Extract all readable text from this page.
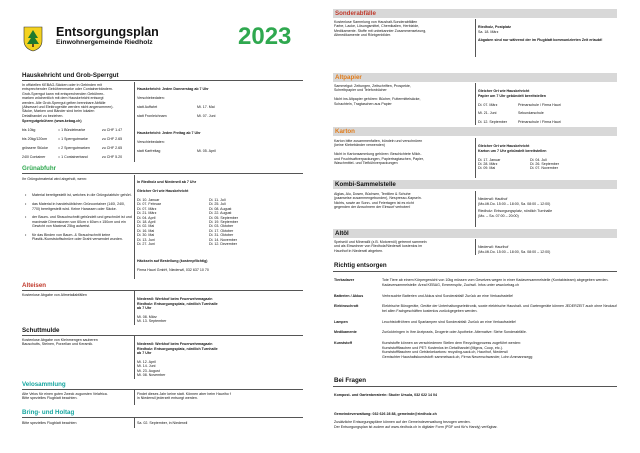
Entsorgungsplan
Einwohnergemeinde Riedholz	2023
Hauskehricht und Grob-Sperrgut
In offiziellen KEBAG-Säcken oder in Gebinden mit
entsprechender Gebührenmarke oder Containerbändern.
Grob-Sperrgut kann mit entsprechenden Gebühren-
marken wöchentlich mit dem Hauskehricht entsorgt
werden. Alle Grob-Sperrgut gelten brennbare Abfälle
(Altsessel und Elektrogeräte werden nicht angenommen).
Säcke, Marken und Bänder sind beim lokalen
Detailhandel zu beziehen.
Sperrgutgebühren (www.kebag.ch)

bis 10kg	= 1 Bündelmarke	zu CHF 1.47

bis 20kg/120cm	= 1 Sperrgutmarke	zu CHF 2.65

grössere Stücke	= 2 Sperrgutmarken	zu CHF 2.65

240l Container	= 1 Containerband	zu CHF 5.20

Hauskehricht: Jeden Donnerstag ab 7 Uhr

Verschiebedaten:

statt Auffahrt	Mi. 17. Mai

statt Fronleichnam	Mi. 07. Juni

Hauskehricht: Jeden Freitag ab 7 Uhr

Verschiebedaten:

statt Karfreitag	Mi. 05. April

Grünabfuhr
Ihr Grüngutmaterial wird abgeholt, wenn:

• Material bereitgestellt ist, welches in die Grüngutabfuhr gehört.

• das Material in handelsüblichen Grüncontainer (140l, 240l, 770l) bereitgestellt wird. Keine Harassen oder Säcke.

• der Baum- und Strauchschnitt gebündelt und geschnürt ist und maximale Dimensionen von 60cm x 60cm x 150cm und ein Gewicht von Maximal 25kg aufweist.

• für das Binden von Baum- & Strauchschnitt keine Plastik-/Kunststoffschnüre oder Draht verwendet wurden.

In Riedholz und Niederwil ab 7 Uhr

Gleicher Ort wie Hauskehricht

Di. 10. Januar	Di. 11. Juli
Di. 07. Februar	Di. 25. Juli
Di. 07. März	Di. 08. August
Di. 21. März	Di. 22. August
Di. 04. April	Di. 05. September
Di. 18. April	Di. 19. September
Di. 02. Mai	Di. 03. Oktober
Di. 16. Mai	Di. 17. Oktober
Di. 30. Mai	Di. 31. Oktober
Di. 13. Juni	Di. 14. November
Di. 27. Juni	Di. 12. Dezember

Häckseln auf Bestellung (kostenpflichtig)

Firma Hauri GmbH, Niederwil, 032 637 10 70

Alteisen
Kostenlose Abgabe von Altmetallabfällen

Niederwil: Werkhof beim Feuerwehrmagazin
Riedholz: Entsorgungsplatz, nördlich Turnhalle
ab 7 Uhr

Mi. 08. März
Mi. 13. September

Schuttmulde
Kostenlose Abgabe von Kleinmengen sauberen
Bauschutts, Steinen, Porzellan und Keramik.	Niederwil: Werkhof beim Feuerwehrmagazin
Riedholz: Entsorgungsplatz, nördlich Turnhalle
ab 7 Uhr

Mi. 12. April
Mi. 14. Juni
Mi. 23. August
Mi. 08. November

Velosammlung
Alte Velos für einen guten Zweck zugunsten Velafrica.
Bitte spezielles Flugblatt beachten.
Findet dieses Jahr keine statt. Können aber beim Hauriho f
in Niederwil jederzeit entsorgt werden.
Bring- und Holtag
Bitte spezielles Flugblatt beachten	Sa. 02. September, in Niederwil
Sonderabfälle
Kostenlose Sammlung von Haushalt-Sonderabfällen
Farbe, Lacke, Lösungsmittel, Chemikalien, Herbizide,
Medikamente. Stoffe mit unbekannter Zusammensetzung,
Altmedikamente und Röntgenbilder.

Riedholz, Postplatz
Sa. 18. März
Abgaben sind nur während der im Flugblatt kommunizierten Zeit erlaubt!

Altpapier
Sammelgut: Zeitungen, Zeitschriften, Prospekte,
Schreibpapier und Telefonbücher

Nicht ins Altpapier gehören: Bücher, Futtermittelsäcke,
Schachteln, Tragtaschen aus Papier

Gleicher Ort wie Hauskehricht
Papier um 7 Uhr gebündelt bereitstellen

Di. 07. März	Primarschule / Firma Hauri

Mi. 21. Juni	Sekundarschule

Di. 12. September	Primarschule / Firma Hauri

Karton
Karton bitte zusammenfalten, bündeln und verschnüren
(keine Klebebänder verwenden)

Nicht in Kartonsammlung gehören: Beschichtete Milch-
und Fruchtsaftverpackungen, Papiertragtaschen, Papier,
Waschmittel- und Tiefkühlverpackungen

Gleicher Ort wie Hauskehricht
Karton um 7 Uhr gebündelt bereitstellen

Di. 17. Januar	Di. 04. Juli
Di. 28. März	Di. 26. September
Di. 09. Mai	Di. 07. November

Kombi-Sammelstelle
Alglas, Alu, Dosen, Büchsen, Textilien & Schuhe
(paarweise zusammengebunden), Nespresso-Kapseln.
Nichts, sowie an Sonn- und Feiertagen ist es nicht
gegenden der Anwohnern der Einwurf verboten!

Niederwil: Hauthof
(Mo-Mi.Do. 15:00 – 18:00, Sa. 08:00 – 12:00)
Riedholz: Entsorgungsplatz, nördlich Turnhalle
(Mo. – Sa. 07:00 – 20:00)

Altöl
Speiseöl und Mineralöl (z.B. Motorenöl) getrennt sammeln
und als Einwohner von Riedholz/Niederwil kostenlos im
Haurihof in Niederwil abgeben.

Niederwil: Haurihof
(Mo-Mi.Do. 15:00 – 18:00, Sa. 08:00 – 12:00)

Richtig entsorgen

Tierkadaver	Tote Tiere ab einem Körpergewicht von 10kg müssen vom Gesetzes wegen in einer Kadaversammelstelle (Kontaktsteam) abgegeben werden.
Kadaversammelstelle: Areal KEBAG, Emmenspitz, Zuchwil. Infos unter www.kebag.ch

Batterien / Akkus	Verbrauchte Batterien und Akkus sind Sonderabfall! Zurück an eine Verkaufsstelle!

Elektroschrott	Elektrische Bürogeräte, Geräte der Unterhaltungselektronik, sowie elektrische Haushalt- und Gartengeräte können JEDERZEIT auch ohne Neukauf bei allen Fachgeschäften kostenlos zurückgegeben werden.

Lampen	Leuchtstoffröhren und Sparlampen sind Sonderabfall: Zurück an eine Verkaufsstelle!

Medikamente	Zurückbringen in Ihre Arztpraxis, Drogerie oder Apotheke. Alternative: Siehe Sonderabfälle.

Kunststoff	Kunststoffe können an verschiedenen Stellen dem Recyclingprozess zugeführt werden:
Kunststoffflaschen und PET: Kostenlos im Detailhandel (Migros, Coop, etc.).
Kunststoffflaschen und Getränkekartons: recycling-sack.ch, Haurihof, Niederwil
Gemischter Haushaltskunststoff: sammelsack.ch, Firma Neuenschwander, Lohn Ammannsegg

Bei Fragen

Kompost- und Gartenberaterin: Studer Ursula, 032 622 14 04

Gemeindeverwaltung: 032 626 28 88, gemeinde@riedholz.ch

Zusätzliche Entsorgungspläne können auf der Gemeindeverwaltung bezogen werden.
Der Entsorgungsplan ist zudem auf www.riedholz.ch in digitaler Form (PDF und für's Handy) verfügbar.
